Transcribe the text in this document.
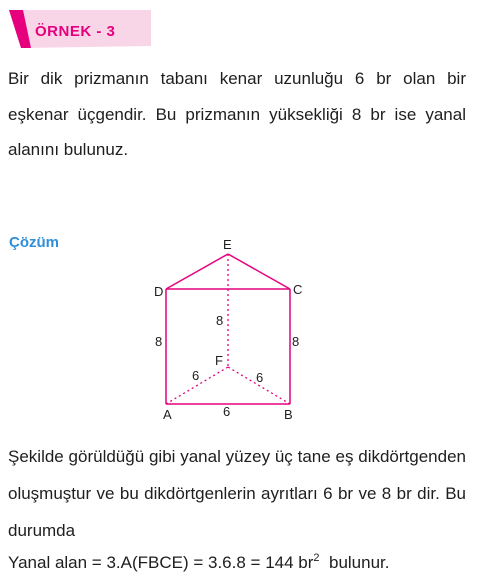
ÖRNEK - 3
Bir dik prizmanın tabanı kenar uzunluğu 6 br olan bir eşkenar üçgendir. Bu prizmanın yüksekliği 8 br ise yanal alanını bulunuz.
Çözüm	E
D	C
F
A	B
8	8
8
6	6
6
Şekilde görüldüğü gibi yanal yüzey üç tane eş dikdörtgenden oluşmuştur ve bu dikdörtgenlerin ayrıtları 6 br ve 8 br dir. Bu durumda
Yanal alan = 3.A(FBCE) = 3.6.8 = 144 $br^2$ bulunur.
